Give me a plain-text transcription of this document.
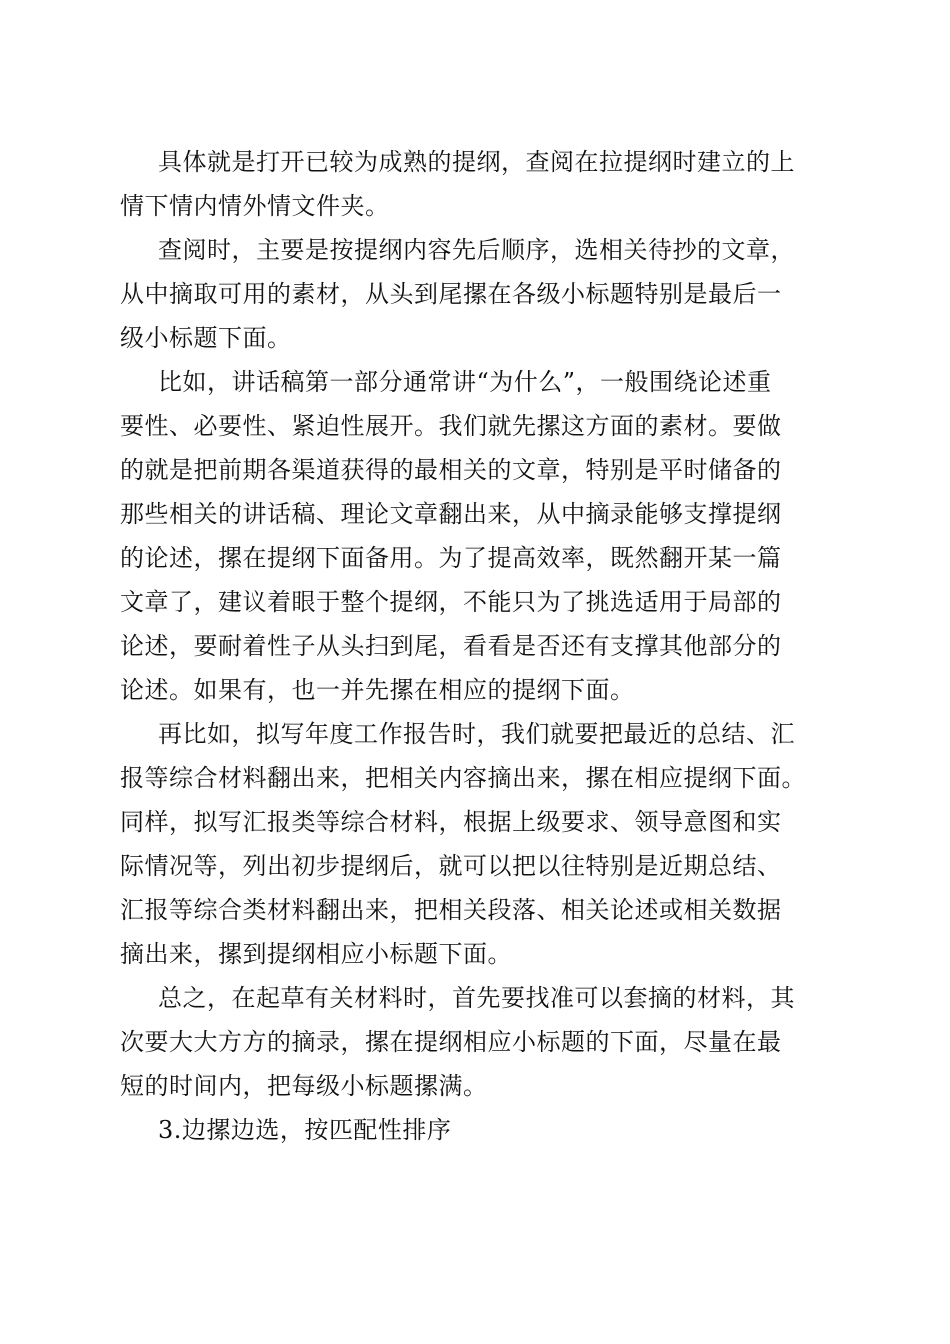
具体就是打开已较为成熟的提纲，查阅在拉提纲时建立的上
情下情内情外情文件夹。
查阅时，主要是按提纲内容先后顺序，选相关待抄的文章，
从中摘取可用的素材，从头到尾摞在各级小标题特别是最后一
级小标题下面。
比如，讲话稿第一部分通常讲“为什么”，一般围绕论述重
要性、必要性、紧迫性展开。我们就先摞这方面的素材。要做
的就是把前期各渠道获得的最相关的文章，特别是平时储备的
那些相关的讲话稿、理论文章翻出来，从中摘录能够支撑提纲
的论述，摞在提纲下面备用。为了提高效率，既然翻开某一篇
文章了，建议着眼于整个提纲，不能只为了挑选适用于局部的
论述，要耐着性子从头扫到尾，看看是否还有支撑其他部分的
论述。如果有，也一并先摞在相应的提纲下面。
再比如，拟写年度工作报告时，我们就要把最近的总结、汇
报等综合材料翻出来，把相关内容摘出来，摞在相应提纲下面。
同样，拟写汇报类等综合材料，根据上级要求、领导意图和实
际情况等，列出初步提纲后，就可以把以往特别是近期总结、
汇报等综合类材料翻出来，把相关段落、相关论述或相关数据
摘出来，摞到提纲相应小标题下面。
总之，在起草有关材料时，首先要找准可以套摘的材料，其
次要大大方方的摘录，摞在提纲相应小标题的下面，尽量在最
短的时间内，把每级小标题摞满。
3.边摞边选，按匹配性排序
